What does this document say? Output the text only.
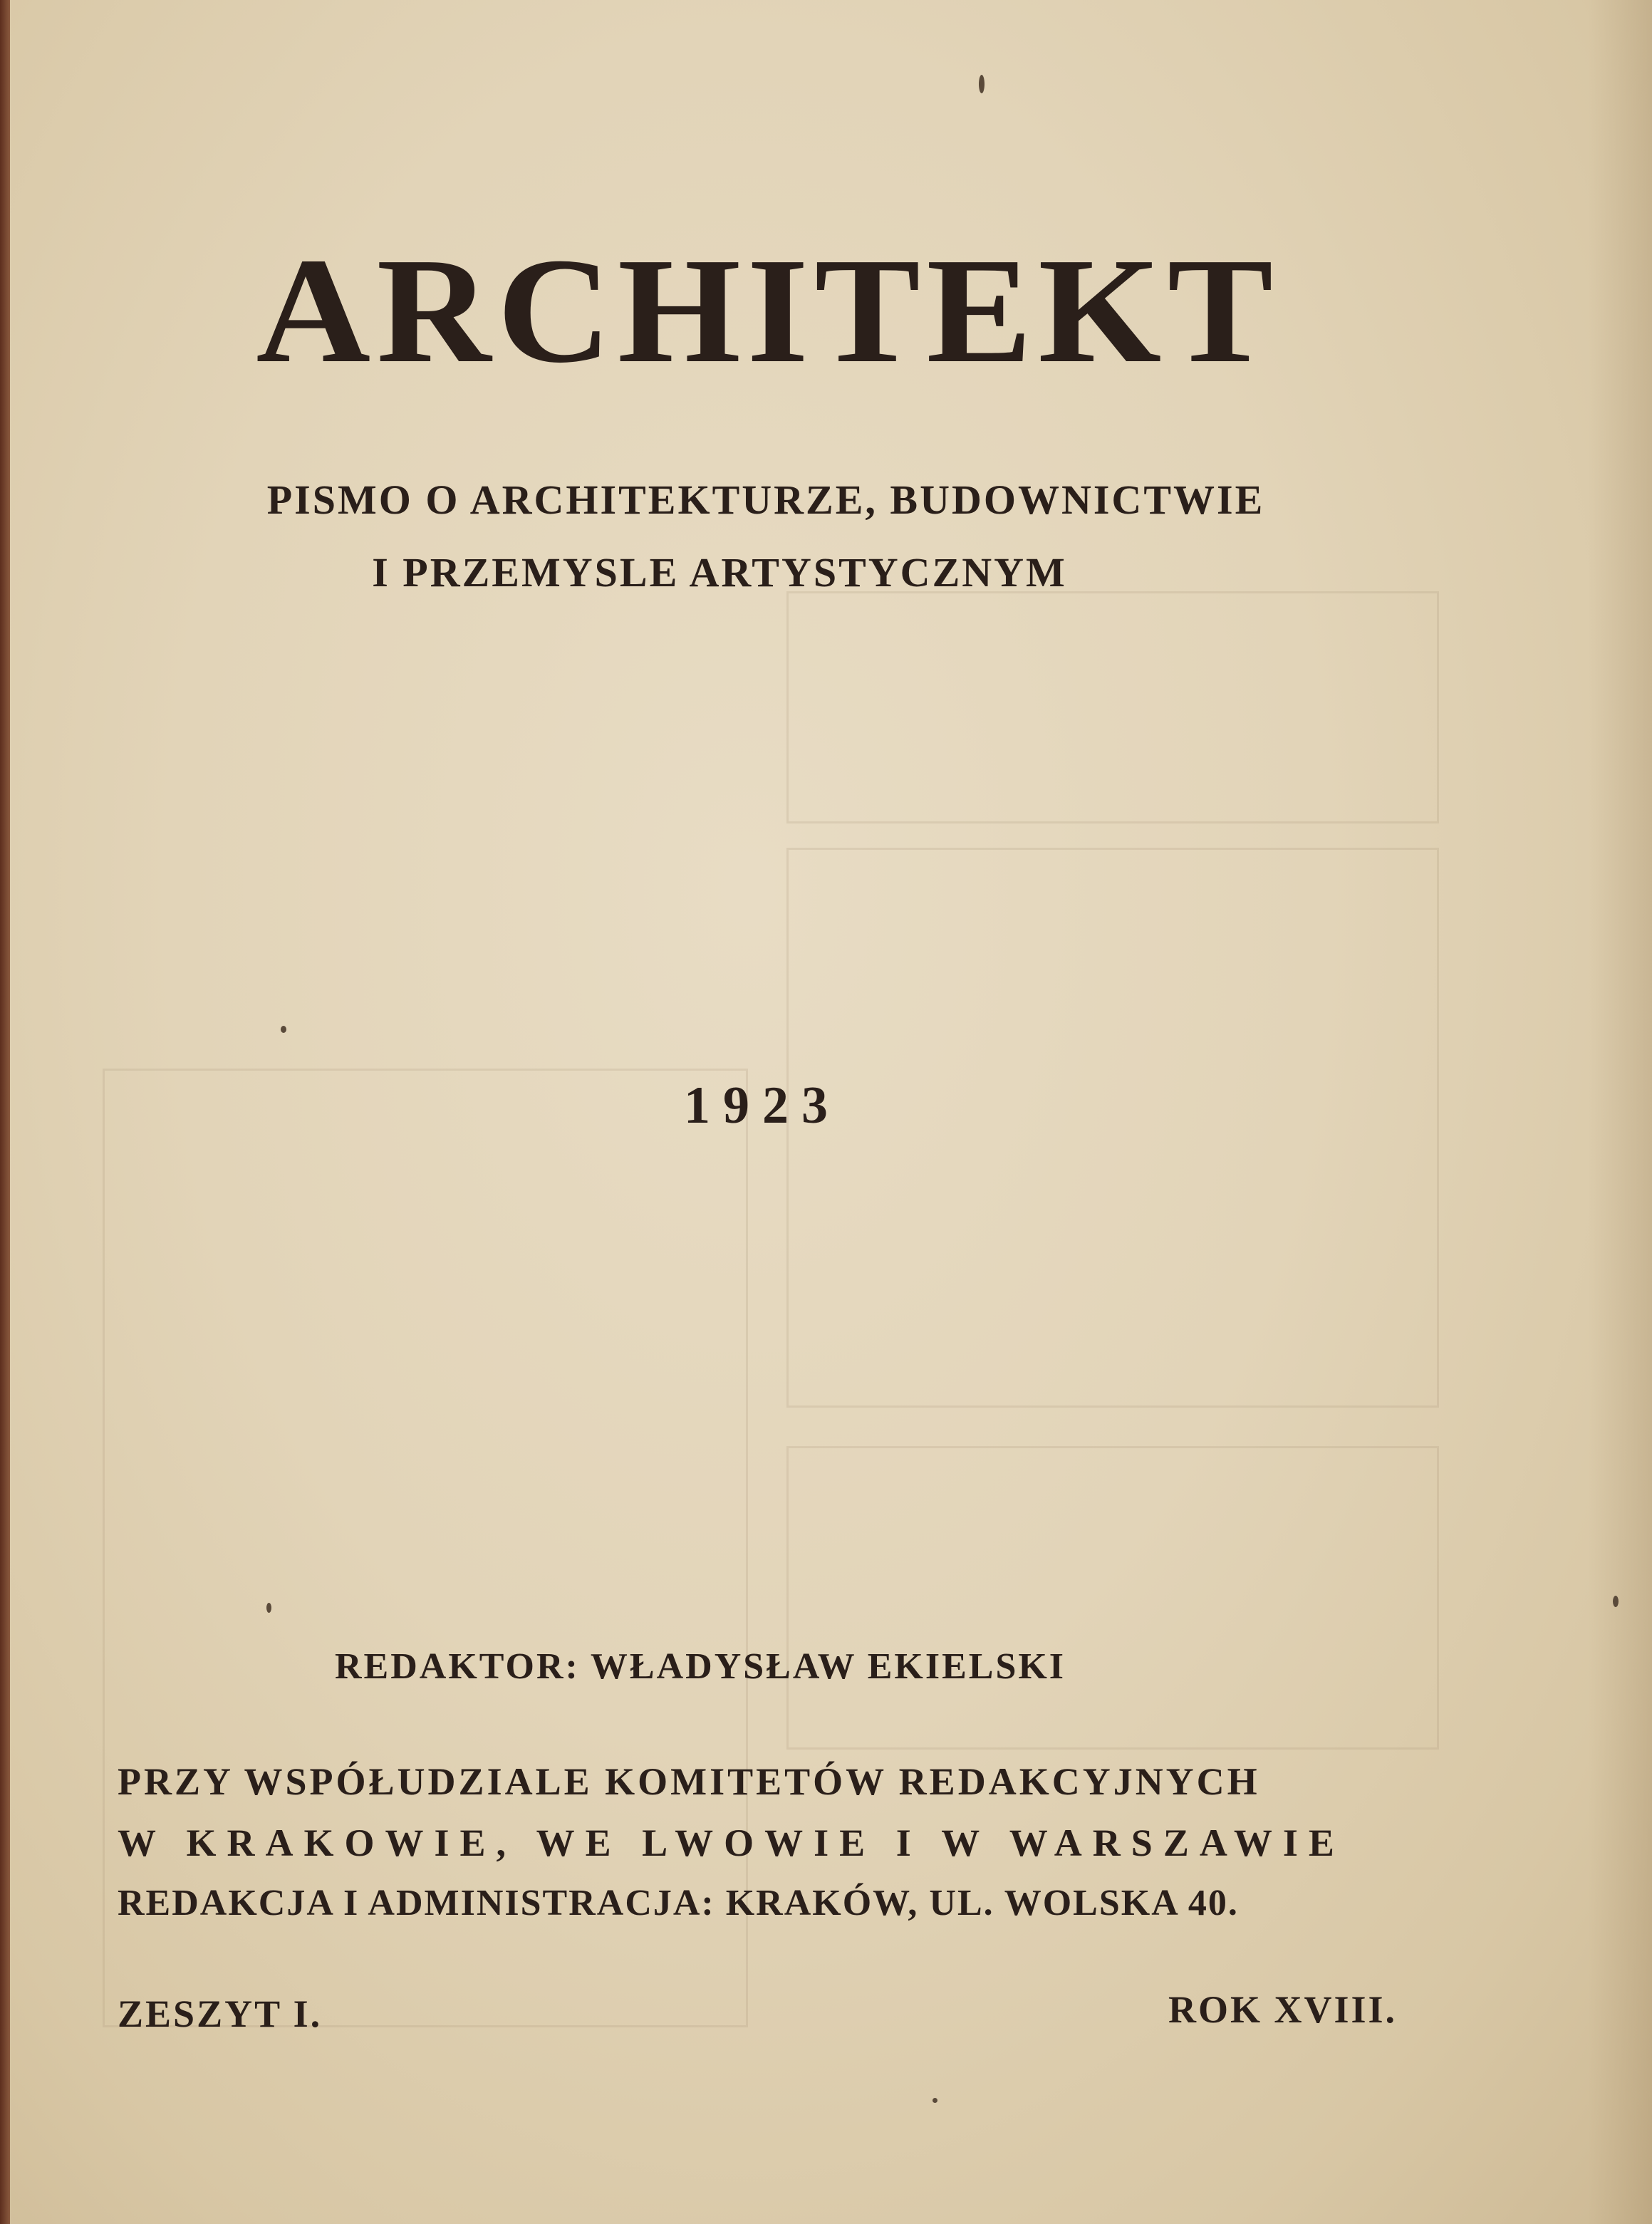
ARCHITEKT

PISMO O ARCHITEKTURZE, BUDOWNICTWIE

I PRZEMYSLE ARTYSTYCZNYM

1923

REDAKTOR: WŁADYSŁAW EKIELSKI

PRZY WSPÓŁUDZIALE KOMITETÓW REDAKCYJNYCH

W KRAKOWIE, WE LWOWIE I W WARSZAWIE

REDAKCJA I ADMINISTRACJA: KRAKÓW, UL. WOLSKA 40.

ZESZYT I.	ROK XVIII.
